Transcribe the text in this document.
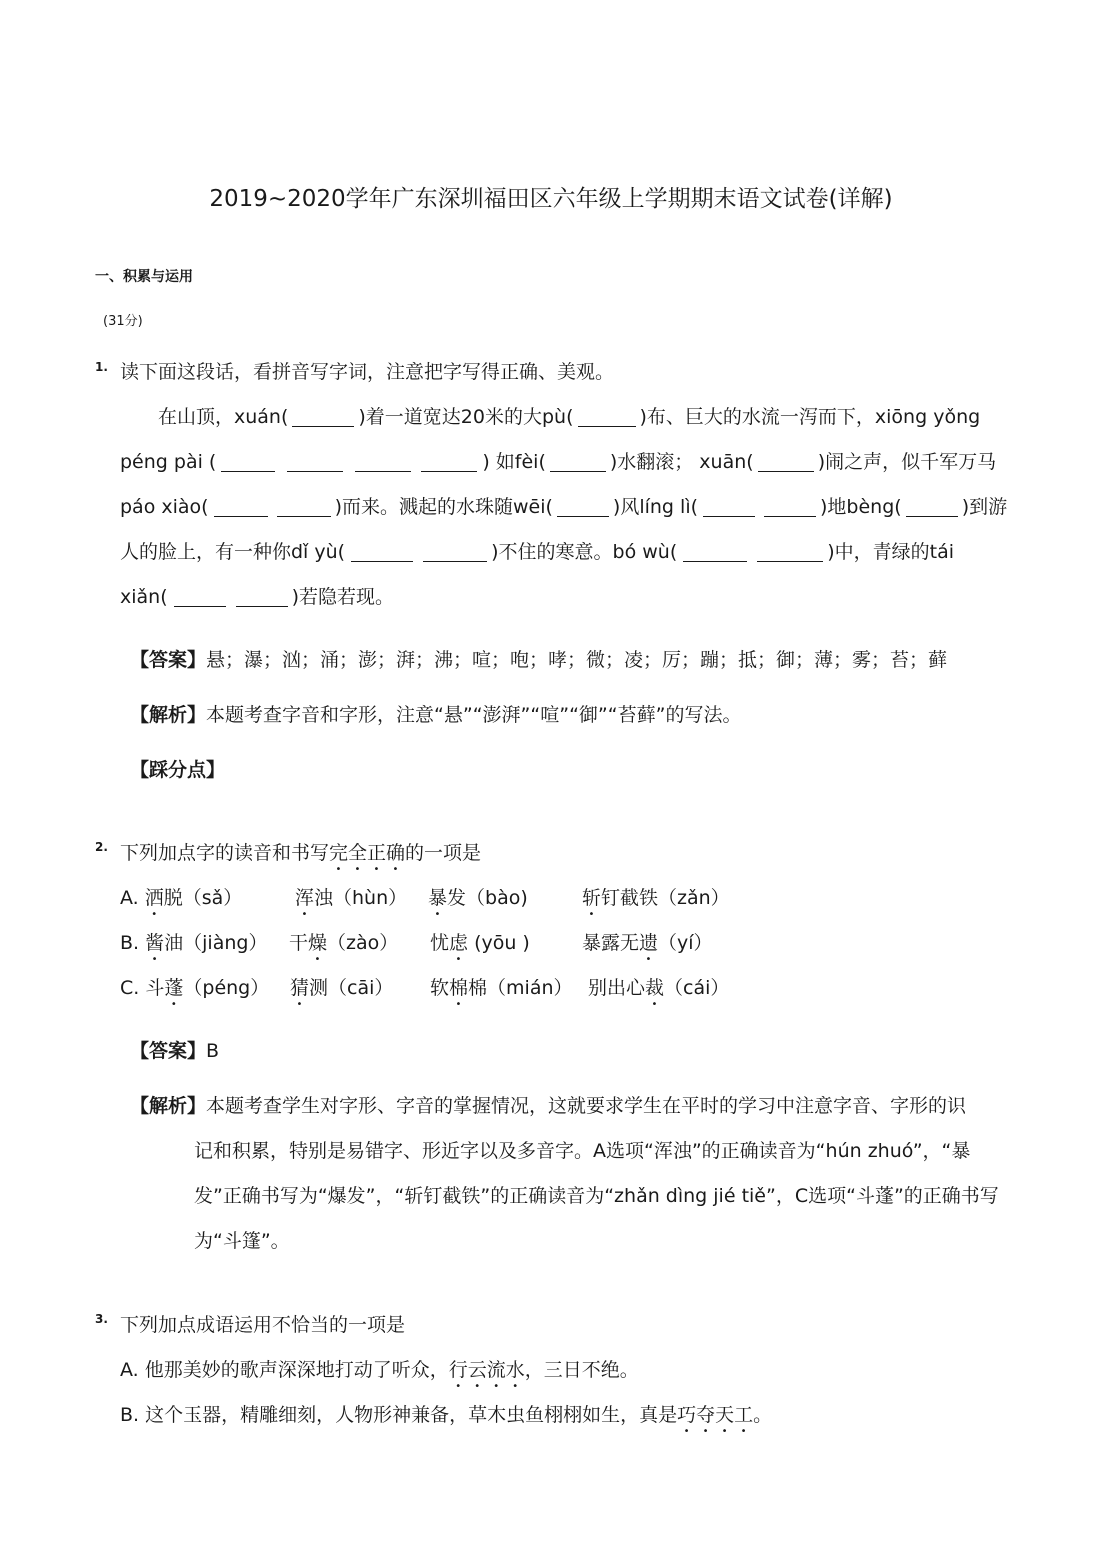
2019~2020学年广东深圳福田区六年级上学期期末语文试卷(详解)
一、积累与运用
(31分)
1. 读下面这段话，看拼音写字词，注意把字写得正确、美观。
在山顶，xuán(	)着一道宽达20米的大pù(	)布、巨大的水流一泻而下，xiōng yǒng
péng pài (	) 如fèi(	)水翻滚； xuān(	)闹之声，似千军万马
páo xiào(	)而来。溅起的水珠随wēi(	)风líng lì(	)地bèng(	)到游
人的脸上，有一种你dǐ yù(	)不住的寒意。bó wù(	)中，青绿的tái
xiǎn(	)若隐若现。
【答案】悬；瀑；汹；涌；澎；湃；沸；喧；咆；哮；微；凌；厉；蹦；抵；御；薄；雾；苔；藓
【解析】本题考查字音和字形，注意“悬”“澎湃”“喧”“御”“苔藓”的写法。
【踩分点】
2. 下列加点字的读音和书写完全正确的一项是
A. 洒脱（sǎ）	浑浊（hùn） 暴发（bào)	斩钉截铁（zǎn）
B. 酱油（jiàng） 干燥（zào） 忧虑 (yōu )	暴露无遗（yí）
C. 斗蓬（péng） 猜测（cāi） 软棉棉（mián） 别出心裁（cái）
【答案】B
【解析】本题考查学生对字形、字音的掌握情况，这就要求学生在平时的学习中注意字音、字形的识
记和积累，特别是易错字、形近字以及多音字。A选项“浑浊”的正确读音为“hún zhuó”，“暴
发”正确书写为“爆发”，“斩钉截铁”的正确读音为“zhǎn dìng jié tiě”，C选项“斗蓬”的正确书写
为“斗篷”。
3. 下列加点成语运用不恰当的一项是
A. 他那美妙的歌声深深地打动了听众，行云流水，三日不绝。
B. 这个玉器，精雕细刻，人物形神兼备，草木虫鱼栩栩如生，真是巧夺天工。
